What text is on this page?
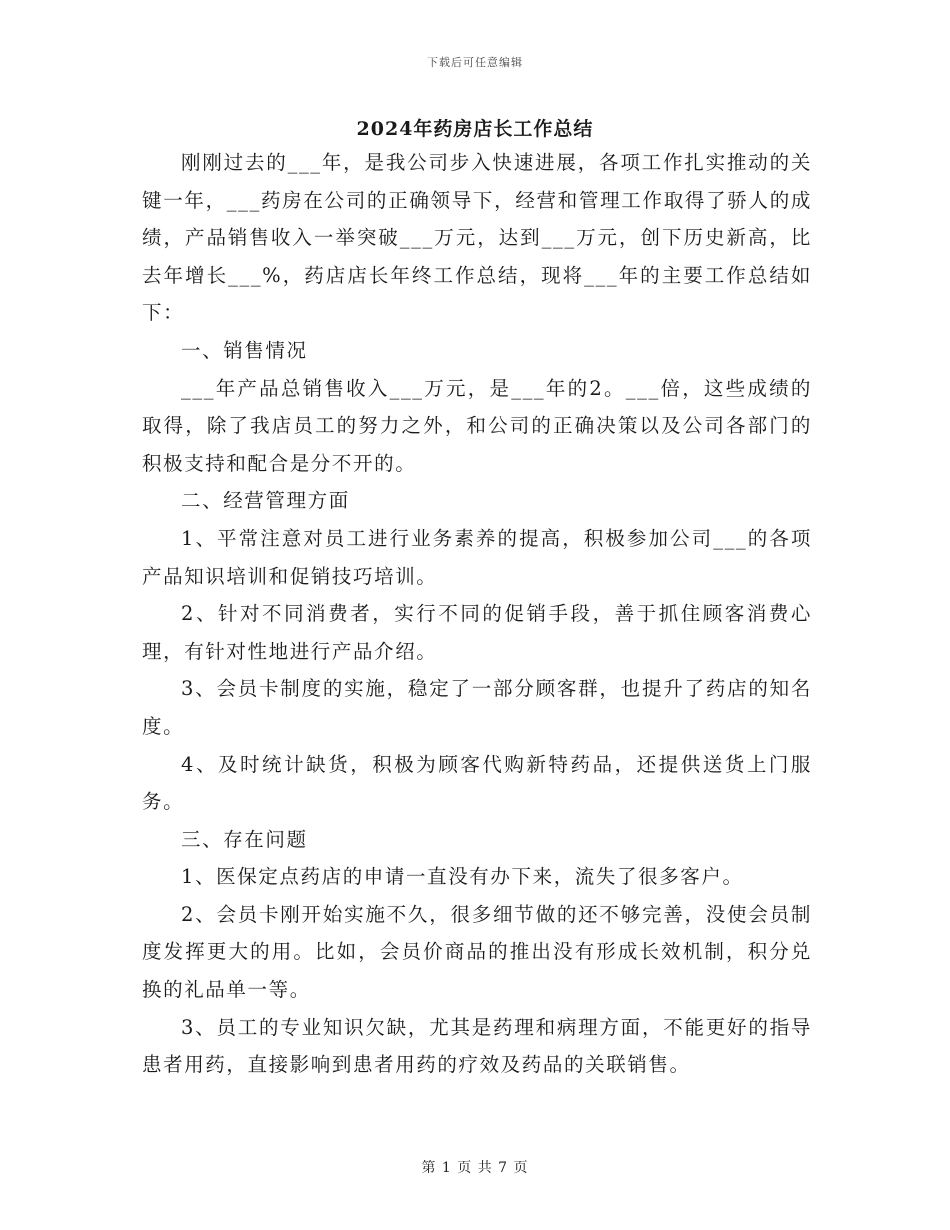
下载后可任意编辑
2024年药房店长工作总结

刚刚过去的___年，是我公司步入快速进展，各项工作扎实推动的关键一年，___药房在公司的正确领导下，经营和管理工作取得了骄人的成绩，产品销售收入一举突破___万元，达到___万元，创下历史新高，比去年增长___%，药店店长年终工作总结，现将___年的主要工作总结如下：

一、销售情况

___年产品总销售收入___万元，是___年的2。___倍，这些成绩的取得，除了我店员工的努力之外，和公司的正确决策以及公司各部门的积极支持和配合是分不开的。

二、经营管理方面

1、平常注意对员工进行业务素养的提高，积极参加公司___的各项产品知识培训和促销技巧培训。

2、针对不同消费者，实行不同的促销手段，善于抓住顾客消费心理，有针对性地进行产品介绍。

3、会员卡制度的实施，稳定了一部分顾客群，也提升了药店的知名度。

4、及时统计缺货，积极为顾客代购新特药品，还提供送货上门服务。

三、存在问题

1、医保定点药店的申请一直没有办下来，流失了很多客户。

2、会员卡刚开始实施不久，很多细节做的还不够完善，没使会员制度发挥更大的用。比如，会员价商品的推出没有形成长效机制，积分兑换的礼品单一等。

3、员工的专业知识欠缺，尤其是药理和病理方面，不能更好的指导患者用药，直接影响到患者用药的疗效及药品的关联销售。

第 1 页 共 7 页
